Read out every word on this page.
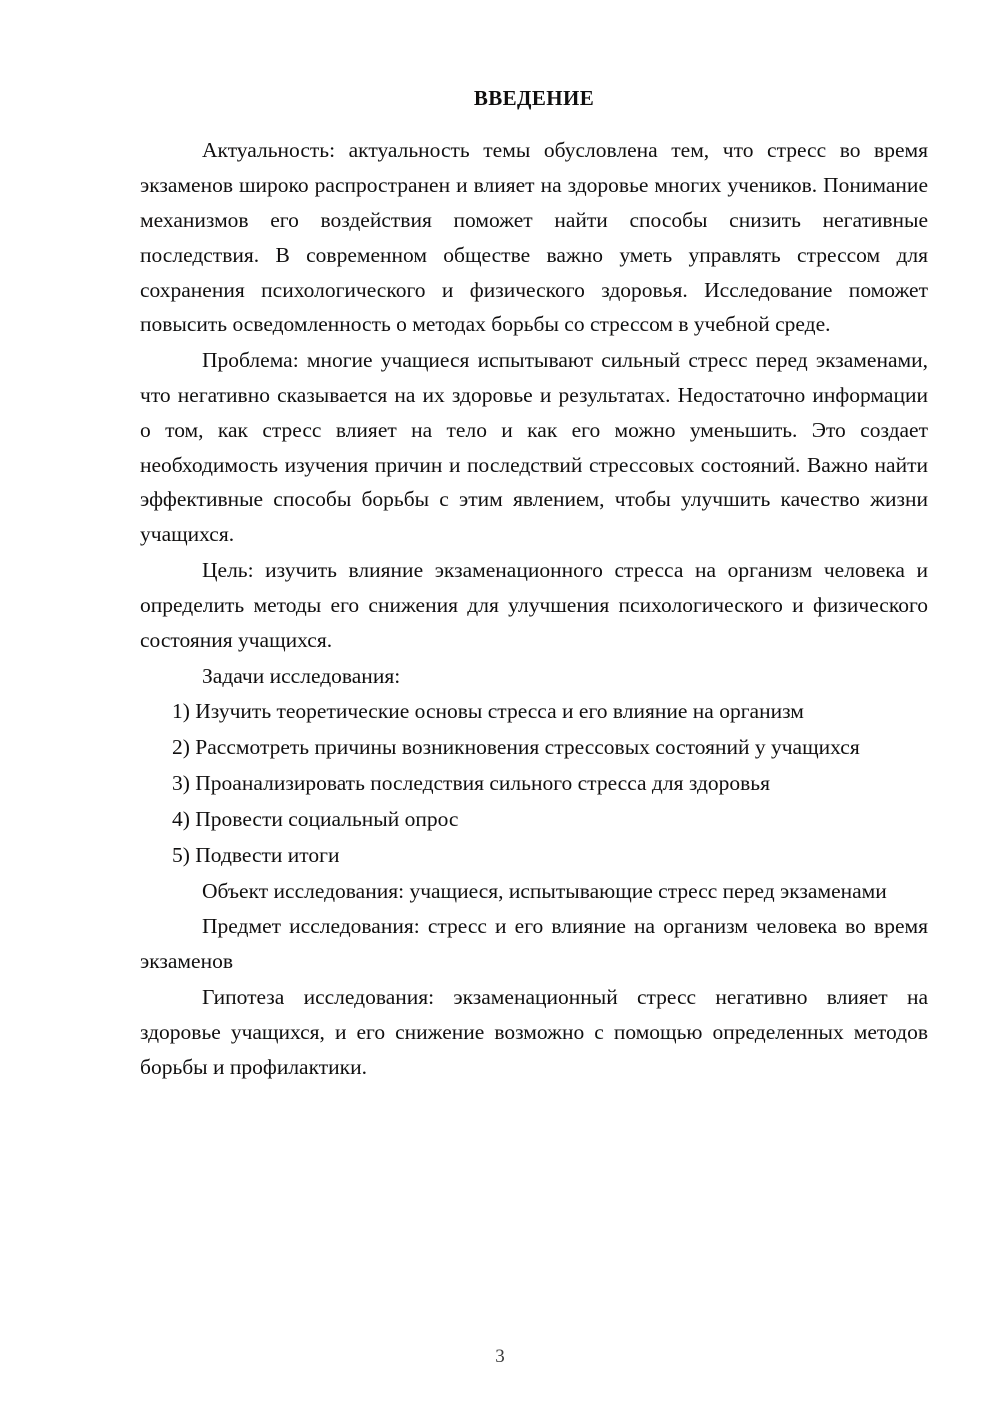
ВВЕДЕНИЕ

Актуальность: актуальность темы обусловлена тем, что стресс во время экзаменов широко распространен и влияет на здоровье многих учеников. Понимание механизмов его воздействия поможет найти способы снизить негативные последствия. В современном обществе важно уметь управлять стрессом для сохранения психологического и физического здоровья. Исследование поможет повысить осведомленность о методах борьбы со стрессом в учебной среде.

Проблема: многие учащиеся испытывают сильный стресс перед экзаменами, что негативно сказывается на их здоровье и результатах. Недостаточно информации о том, как стресс влияет на тело и как его можно уменьшить. Это создает необходимость изучения причин и последствий стрессовых состояний. Важно найти эффективные способы борьбы с этим явлением, чтобы улучшить качество жизни учащихся.

Цель: изучить влияние экзаменационного стресса на организм человека и определить методы его снижения для улучшения психологического и физического состояния учащихся.

Задачи исследования:

1) Изучить теоретические основы стресса и его влияние на организм

2) Рассмотреть причины возникновения стрессовых состояний у учащихся

3) Проанализировать последствия сильного стресса для здоровья

4) Провести социальный опрос

5) Подвести итоги

Объект исследования: учащиеся, испытывающие стресс перед экзаменами

Предмет исследования: стресс и его влияние на организм человека во время экзаменов

Гипотеза исследования: экзаменационный стресс негативно влияет на здоровье учащихся, и его снижение возможно с помощью определенных методов борьбы и профилактики.

3
